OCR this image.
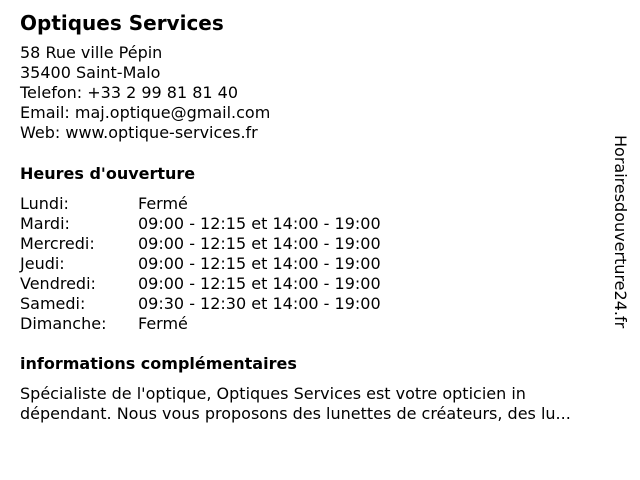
Optiques Services
58 Rue ville Pépin
35400 Saint-Malo
Telefon: +33 2 99 81 81 40
Email: maj.optique@gmail.com
Web: www.optique-services.fr
Heures d'ouverture
Lundi:	Fermé
Mardi:	09:00 - 12:15 et 14:00 - 19:00
Mercredi:	09:00 - 12:15 et 14:00 - 19:00
Jeudi:	09:00 - 12:15 et 14:00 - 19:00
Vendredi:	09:00 - 12:15 et 14:00 - 19:00
Samedi:	09:30 - 12:30 et 14:00 - 19:00
Dimanche:	Fermé
informations complémentaires
Spécialiste de l'optique, Optiques Services est votre opticien in
dépendant. Nous vous proposons des lunettes de créateurs, des lu...
Horairesdouverture24.fr
